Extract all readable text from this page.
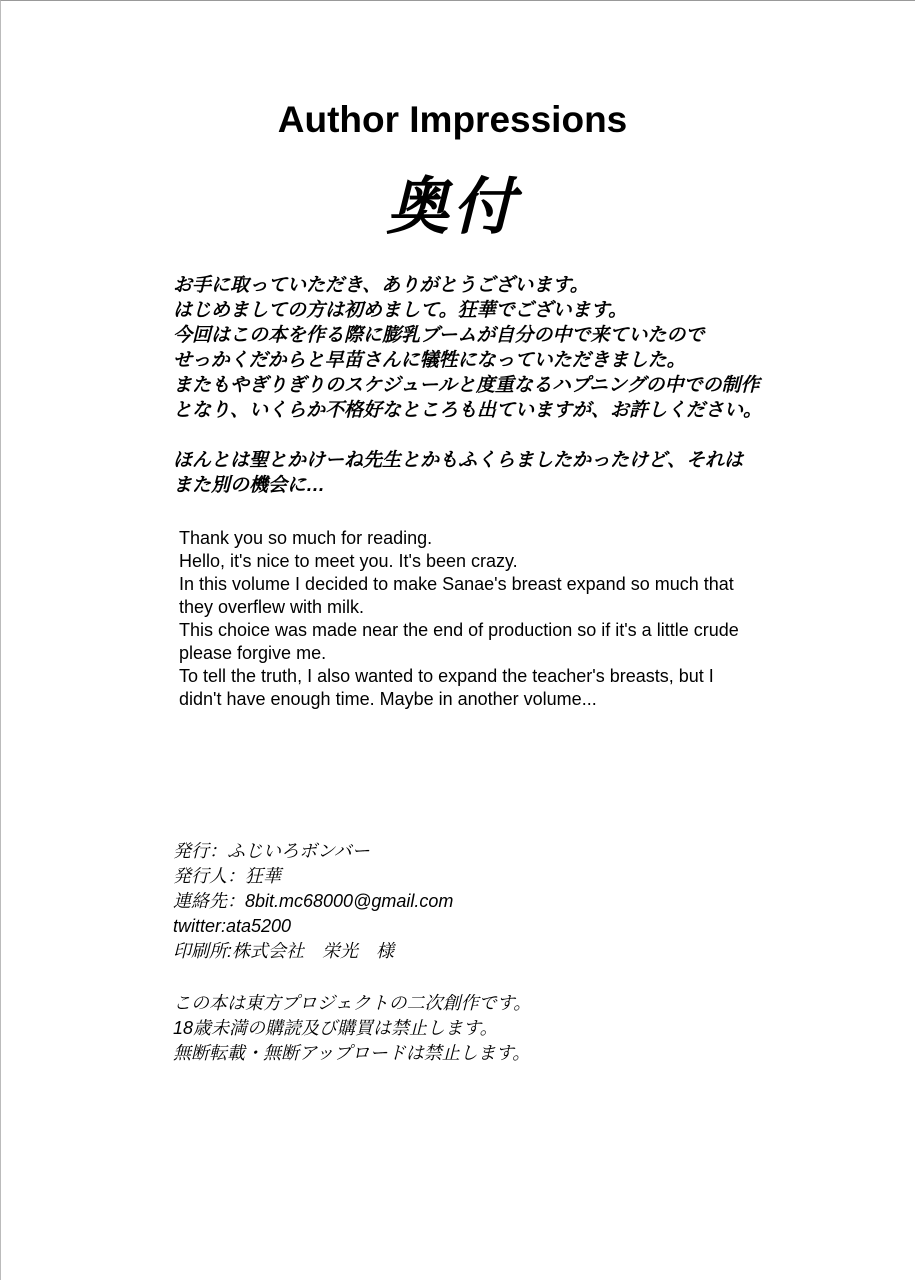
Author Impressions
奥付
お手に取っていただき、ありがとうございます。
はじめましての方は初めまして。狂華でございます。
今回はこの本を作る際に膨乳ブームが自分の中で来ていたので
せっかくだからと早苗さんに犠牲になっていただきました。
またもやぎりぎりのスケジュールと度重なるハプニングの中での制作
となり、いくらか不格好なところも出ていますが、お許しください。
ほんとは聖とかけーね先生とかもふくらましたかったけど、それは
また別の機会に…
Thank you so much for reading.
Hello, it's nice to meet you. It's been crazy.
In this volume I decided to make Sanae's breast expand so much that
they overflew with milk.
This choice was made near the end of production so if it's a little crude
please forgive me.
To tell the truth, I also wanted to expand the teacher's breasts, but I
didn't have enough time. Maybe in another volume...
発行：ふじいろボンバー
発行人：狂華
連絡先：8bit.mc68000@gmail.com
twitter:ata5200
印刷所:株式会社　栄光　様
この本は東方プロジェクトの二次創作です。
18歳未満の購読及び購買は禁止します。
無断転載・無断アップロードは禁止します。
